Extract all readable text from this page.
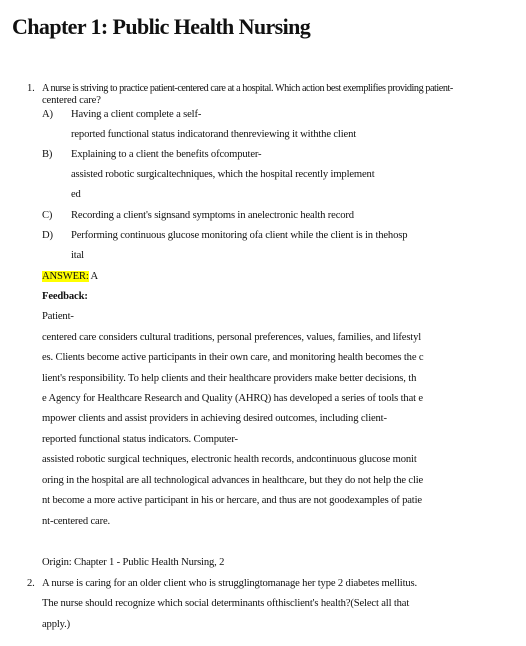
Chapter 1: Public Health Nursing
1. A nurse is striving to practice patient-centered care at a hospital. Which action best exemplifies providing patient-
centered care?
A) Having a client complete a self-
reported functional status indicatorand thenreviewing it withthe client
B) Explaining to a client the benefits ofcomputer-
assisted robotic surgicaltechniques, which the hospital recently implement
ed
C) Recording a client's signsand symptoms in anelectronic health record
D) Performing continuous glucose monitoring ofa client while the client is in thehosp
ital
ANSWER: A
Feedback:
Patient-
centered care considers cultural traditions, personal preferences, values, families, and lifestyl
es. Clients become active participants in their own care, and monitoring health becomes the c
lient's responsibility. To help clients and their healthcare providers make better decisions, th
e Agency for Healthcare Research and Quality (AHRQ) has developed a series of tools that e
mpower clients and assist providers in achieving desired outcomes, including client-
reported functional status indicators. Computer-
assisted robotic surgical techniques, electronic health records, andcontinuous glucose monit
oring in the hospital are all technological advances in healthcare, but they do not help the clie
nt become a more active participant in his or hercare, and thus are not goodexamples of patie
nt-centered care.
Origin: Chapter 1 - Public Health Nursing, 2
2. A nurse is caring for an older client who is strugglingtomanage her type 2 diabetes mellitus.
The nurse should recognize which social determinants ofthisclient's health?(Select all that
apply.)
